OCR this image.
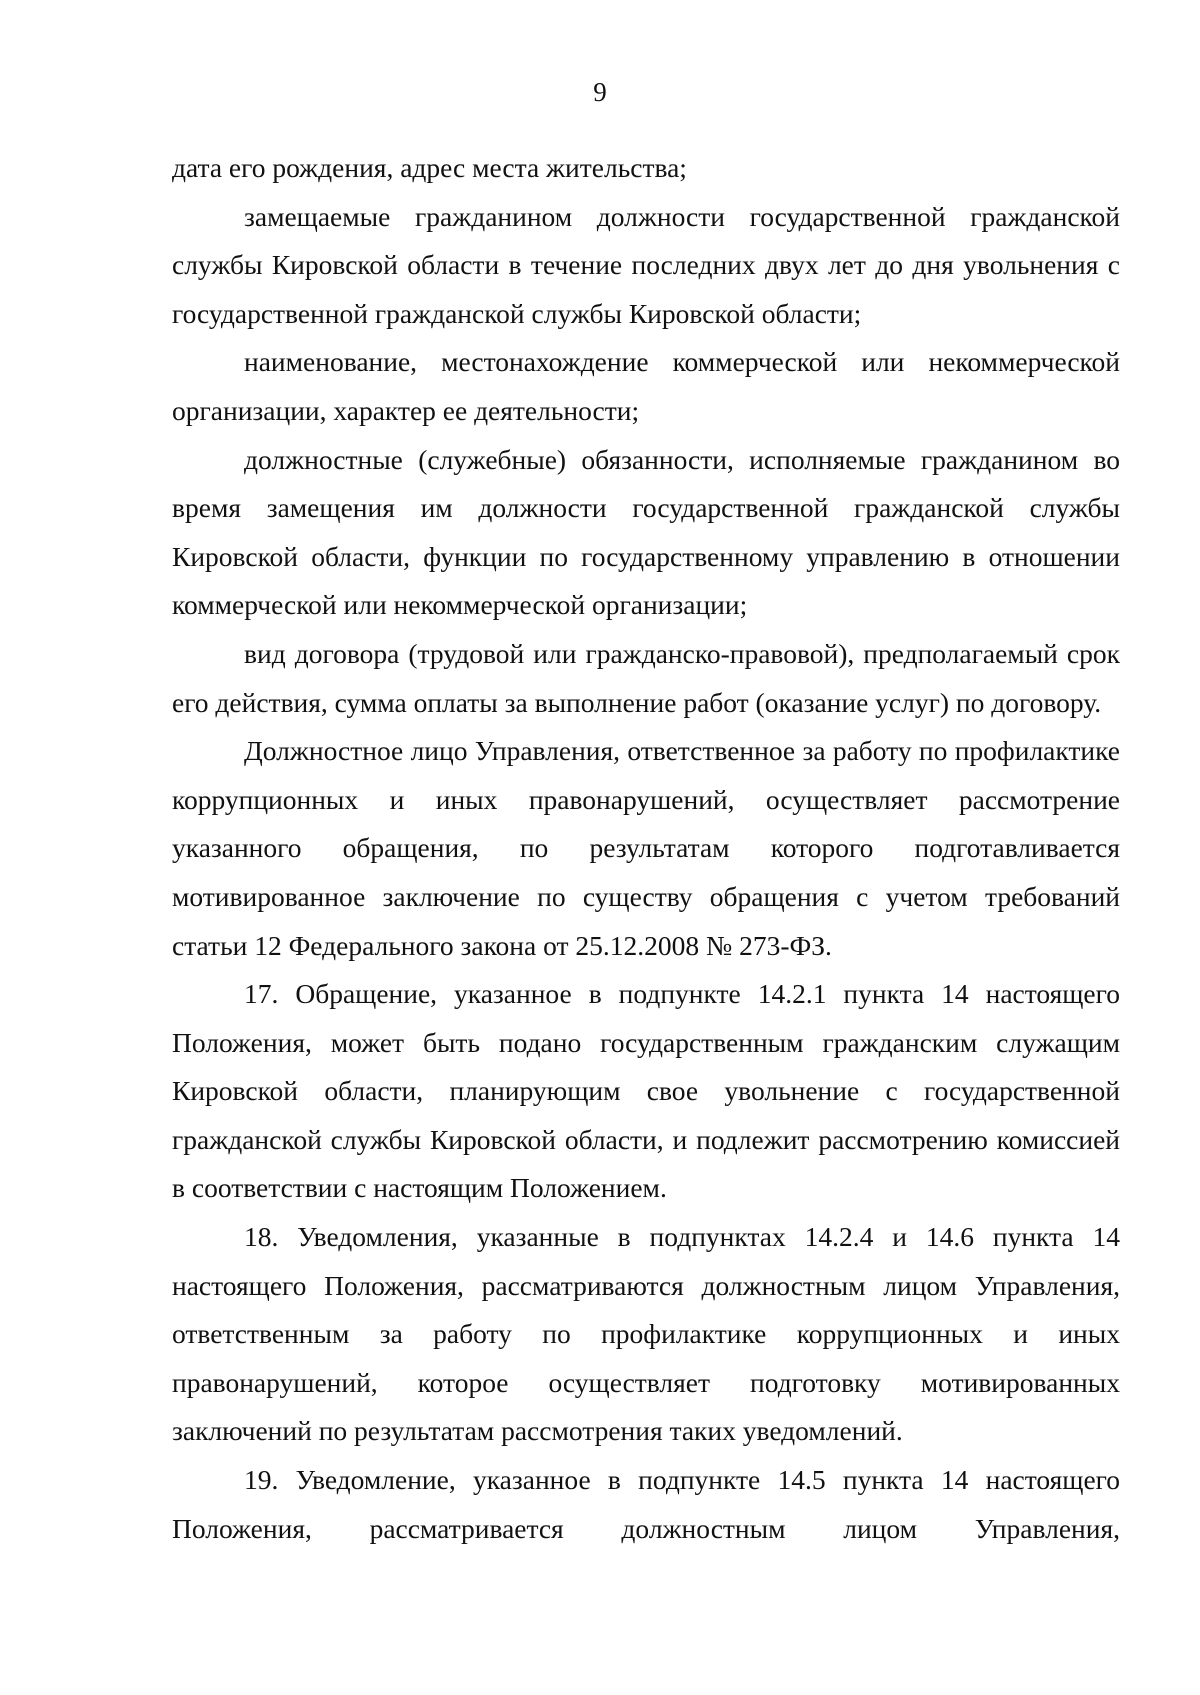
9

дата его рождения, адрес места жительства;

замещаемые гражданином должности государственной гражданской службы Кировской области в течение последних двух лет до дня увольнения с государственной гражданской службы Кировской области;

наименование, местонахождение коммерческой или некоммерческой организации, характер ее деятельности;

должностные (служебные) обязанности, исполняемые гражданином во время замещения им должности государственной гражданской службы Кировской области, функции по государственному управлению в отношении коммерческой или некоммерческой организации;

вид договора (трудовой или гражданско-правовой), предполагаемый срок его действия, сумма оплаты за выполнение работ (оказание услуг) по договору.

Должностное лицо Управления, ответственное за работу по профилактике коррупционных и иных правонарушений, осуществляет рассмотрение указанного обращения, по результатам которого подготавливается мотивированное заключение по существу обращения с учетом требований статьи 12 Федерального закона от 25.12.2008 № 273-ФЗ.

17. Обращение, указанное в подпункте 14.2.1 пункта 14 настоящего Положения, может быть подано государственным гражданским служащим Кировской области, планирующим свое увольнение с государственной гражданской службы Кировской области, и подлежит рассмотрению комиссией в соответствии с настоящим Положением.

18. Уведомления, указанные в подпунктах 14.2.4 и 14.6 пункта 14 настоящего Положения, рассматриваются должностным лицом Управления, ответственным за работу по профилактике коррупционных и иных правонарушений, которое осуществляет подготовку мотивированных заключений по результатам рассмотрения таких уведомлений.

19. Уведомление, указанное в подпункте 14.5 пункта 14 настоящего Положения, рассматривается должностным лицом Управления,
